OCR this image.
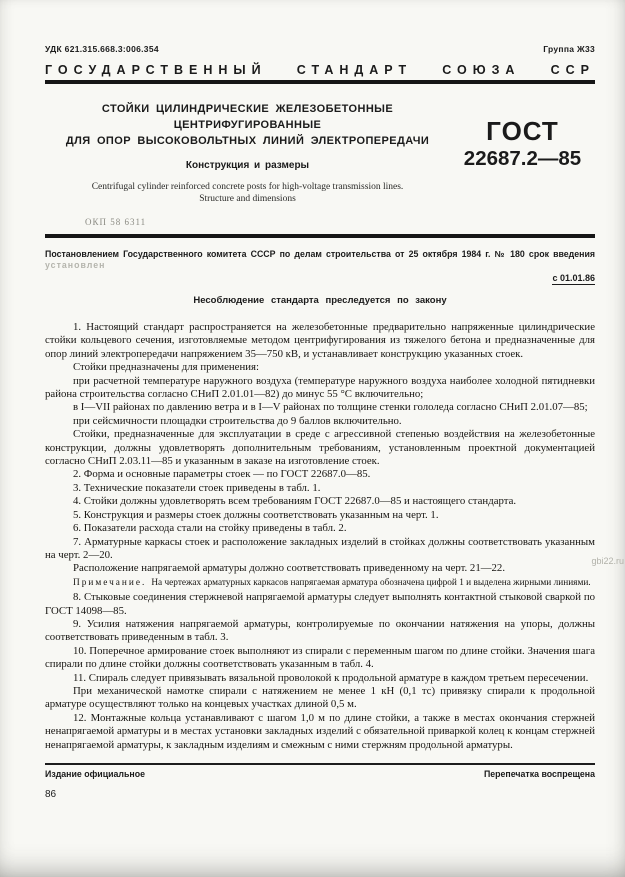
УДК 621.315.668.3:006.354	Группа Ж33
ГОСУДАРСТВЕННЫЙ СТАНДАРТ СОЮЗА ССР
СТОЙКИ ЦИЛИНДРИЧЕСКИЕ ЖЕЛЕЗОБЕТОННЫЕ
ЦЕНТРИФУГИРОВАННЫЕ
ДЛЯ ОПОР ВЫСОКОВОЛЬТНЫХ ЛИНИЙ ЭЛЕКТРОПЕРЕДАЧИ
Конструкция и размеры
Centrifugal cylinder reinforced concrete posts for high-voltage transmission lines.
Structure and dimensions
ОКП 58 6311
ГОСТ
22687.2—85
Постановлением Государственного комитета СССР по делам строительства от 25 октября 1984 г. № 180 срок введения
установлен
с 01.01.86
Несоблюдение стандарта преследуется по закону

1. Настоящий стандарт распространяется на железобетонные предварительно напряженные цилиндрические стойки кольцевого сечения, изготовляемые методом центрифугирования из тяжелого бетона и предназначенные для опор линий электропередачи напряжением 35—750 кВ, и устанавливает конструкцию указанных стоек.

Стойки предназначены для применения:

при расчетной температуре наружного воздуха (температуре наружного воздуха наиболее холодной пятидневки района строительства согласно СНиП 2.01.01—82) до минус 55 °С включительно;

в I—VII районах по давлению ветра и в I—V районах по толщине стенки гололеда согласно СНиП 2.01.07—85;

при сейсмичности площадки строительства до 9 баллов включительно.

Стойки, предназначенные для эксплуатации в среде с агрессивной степенью воздействия на железобетонные конструкции, должны удовлетворять дополнительным требованиям, установленным проектной документацией согласно СНиП 2.03.11—85 и указанным в заказе на изготовление стоек.

2. Форма и основные параметры стоек — по ГОСТ 22687.0—85.

3. Технические показатели стоек приведены в табл. 1.

4. Стойки должны удовлетворять всем требованиям ГОСТ 22687.0—85 и настоящего стандарта.

5. Конструкция и размеры стоек должны соответствовать указанным на черт. 1.

6. Показатели расхода стали на стойку приведены в табл. 2.

7. Арматурные каркасы стоек и расположение закладных изделий в стойках должны соответствовать указанным на черт. 2—20.

Расположение напрягаемой арматуры должно соответствовать приведенному на черт. 21—22.

Примечание. На чертежах арматурных каркасов напрягаемая арматура обозначена цифрой 1 и выделена жирными линиями.

8. Стыковые соединения стержневой напрягаемой арматуры следует выполнять контактной стыковой сваркой по ГОСТ 14098—85.

9. Усилия натяжения напрягаемой арматуры, контролируемые по окончании натяжения на упоры, должны соответствовать приведенным в табл. 3.

10. Поперечное армирование стоек выполняют из спирали с переменным шагом по длине стойки. Значения шага спирали по длине стойки должны соответствовать указанным в табл. 4.

11. Спираль следует привязывать вязальной проволокой к продольной арматуре в каждом третьем пересечении.

При механической намотке спирали с натяжением не менее 1 кН (0,1 тс) привязку спирали к продольной арматуре осуществляют только на концевых участках длиной 0,5 м.

12. Монтажные кольца устанавливают с шагом 1,0 м по длине стойки, а также в местах окончания стержней ненапрягаемой арматуры и в местах установки закладных изделий с обязательной приваркой колец к концам стержней ненапрягаемой арматуры, к закладным изделиям и смежным с ними стержням продольной арматуры.

Издание официальное	Перепечатка воспрещена
86
gbi22.ru
